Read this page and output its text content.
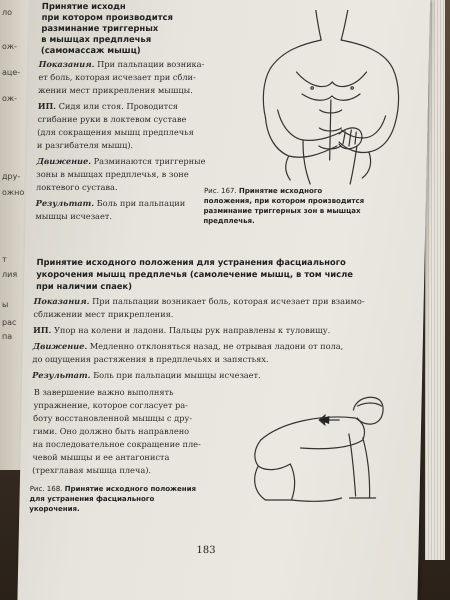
ло
ож-
аце-
ож-
дру-
ожно
т
лия
ы
рас
па
Принятие исходн
при котором производится
разминание триггерных
в мышцах предплечья
(самомассаж мышц)
Показания. При пальпации возника-
ет боль, которая исчезает при сбли-
жении мест прикрепления мышцы.
ИП. Сидя или стоя. Проводится
сгибание руки в локтевом суставе
(для сокращения мышц предплечья
и разгибателя мышц).
Движение. Разминаются триггерные
зоны в мышцах предплечья, в зоне
локтевого сустава.
Результат. Боль при пальпации
мышцы исчезает.
Рис. 167. Принятие исходного
положения, при котором производится
разминание триггерных зон в мышцах
предплечья.
Принятие исходного положения для устранения фасциального
укорочения мышц предплечья (самолечение мышц, в том числе
при наличии спаек)
Показания. При пальпации возникает боль, которая исчезает при взаимо-
сближении мест прикрепления.
ИП. Упор на колени и ладони. Пальцы рук направлены к туловищу.
Движение. Медленно отклоняться назад, не отрывая ладони от пола,
до ощущения растяжения в предплечьях и запястьях.
Результат. Боль при пальпации мышцы исчезает.
В завершение важно выполнять
упражнение, которое согласует ра-
боту восстановленной мышцы с дру-
гими. Оно должно быть направлено
на последовательное сокращение пле-
чевой мышцы и ее антагониста
(трехглавая мышца плеча).
Рис. 168. Принятие исходного положения
для устранения фасциального
укорочения.
183
